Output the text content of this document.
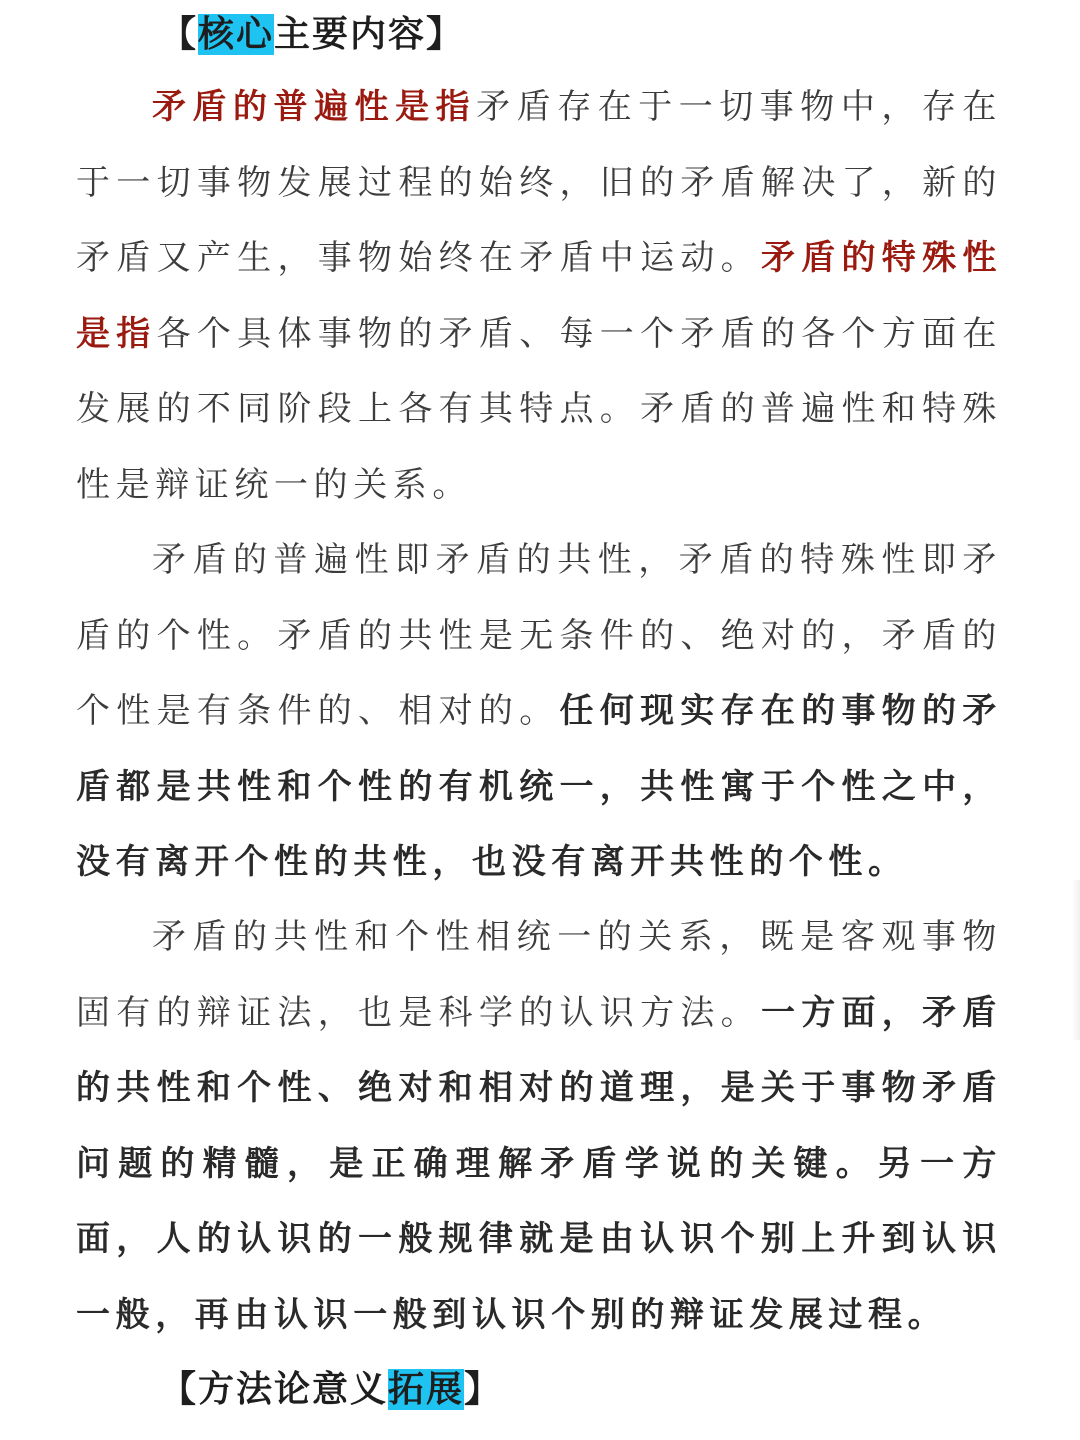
【核心主要内容】
矛盾的普遍性是指矛盾存在于一切事物中，存在于一切事物发展过程的始终，旧的矛盾解决了，新的矛盾又产生，事物始终在矛盾中运动。矛盾的特殊性是指各个具体事物的矛盾、每一个矛盾的各个方面在发展的不同阶段上各有其特点。矛盾的普遍性和特殊性是辩证统一的关系。
矛盾的普遍性即矛盾的共性，矛盾的特殊性即矛盾的个性。矛盾的共性是无条件的、绝对的，矛盾的个性是有条件的、相对的。任何现实存在的事物的矛盾都是共性和个性的有机统一，共性寓于个性之中，没有离开个性的共性，也没有离开共性的个性。
矛盾的共性和个性相统一的关系，既是客观事物固有的辩证法，也是科学的认识方法。一方面，矛盾的共性和个性、绝对和相对的道理，是关于事物矛盾问题的精髓，是正确理解矛盾学说的关键。另一方面，人的认识的一般规律就是由认识个别上升到认识一般，再由认识一般到认识个别的辩证发展过程。
【方法论意义拓展】
